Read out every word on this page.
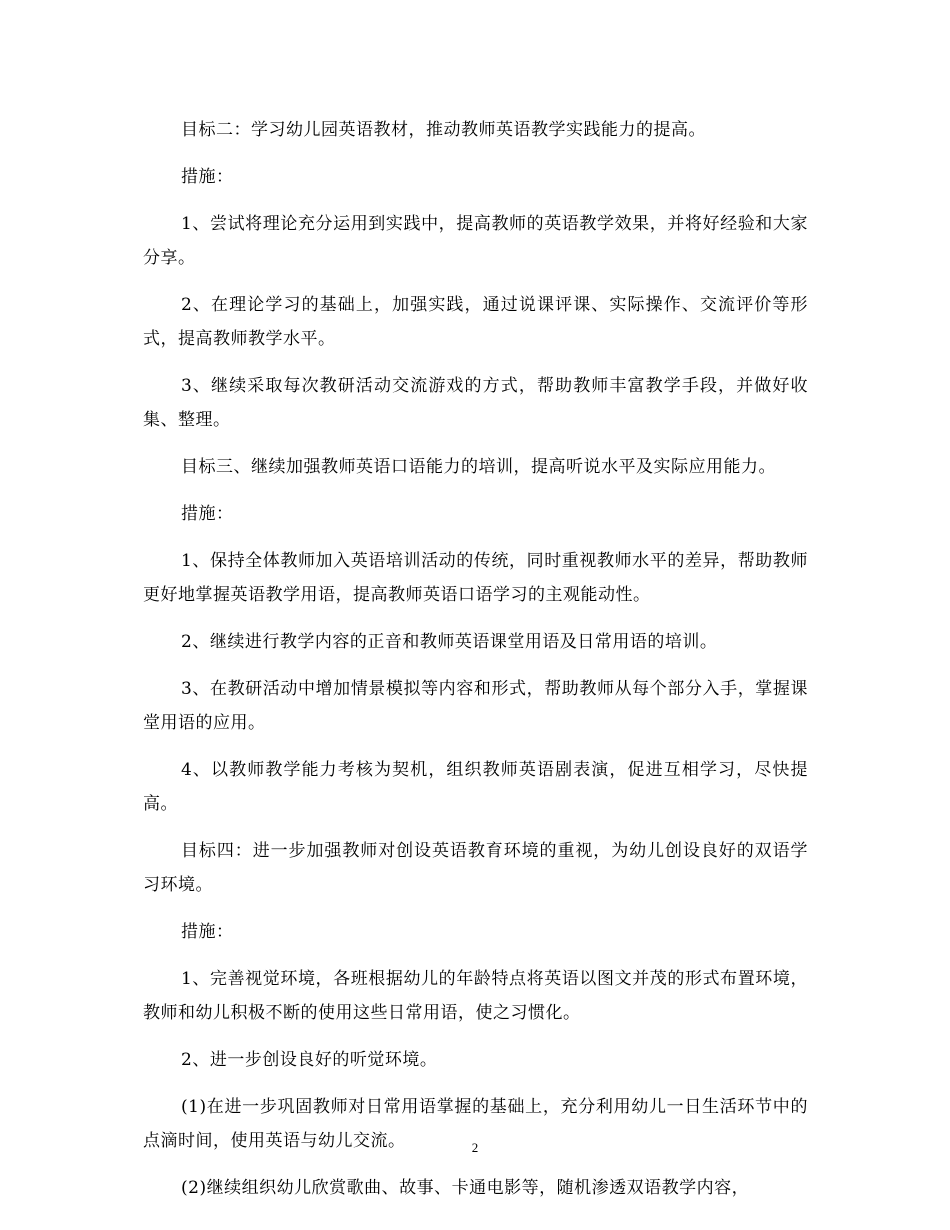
目标二：学习幼儿园英语教材，推动教师英语教学实践能力的提高。

措施：

1、尝试将理论充分运用到实践中，提高教师的英语教学效果，并将好经验和大家分享。

2、在理论学习的基础上，加强实践，通过说课评课、实际操作、交流评价等形式，提高教师教学水平。

3、继续采取每次教研活动交流游戏的方式，帮助教师丰富教学手段，并做好收集、整理。

目标三、继续加强教师英语口语能力的培训，提高听说水平及实际应用能力。

措施：

1、保持全体教师加入英语培训活动的传统，同时重视教师水平的差异，帮助教师更好地掌握英语教学用语，提高教师英语口语学习的主观能动性。

2、继续进行教学内容的正音和教师英语课堂用语及日常用语的培训。

3、在教研活动中增加情景模拟等内容和形式，帮助教师从每个部分入手，掌握课堂用语的应用。

4、以教师教学能力考核为契机，组织教师英语剧表演，促进互相学习，尽快提高。

目标四：进一步加强教师对创设英语教育环境的重视，为幼儿创设良好的双语学习环境。

措施：

1、完善视觉环境，各班根据幼儿的年龄特点将英语以图文并茂的形式布置环境，教师和幼儿积极不断的使用这些日常用语，使之习惯化。

2、进一步创设良好的听觉环境。

(1)在进一步巩固教师对日常用语掌握的基础上，充分利用幼儿一日生活环节中的点滴时间，使用英语与幼儿交流。

(2)继续组织幼儿欣赏歌曲、故事、卡通电影等，随机渗透双语教学内容，

2
